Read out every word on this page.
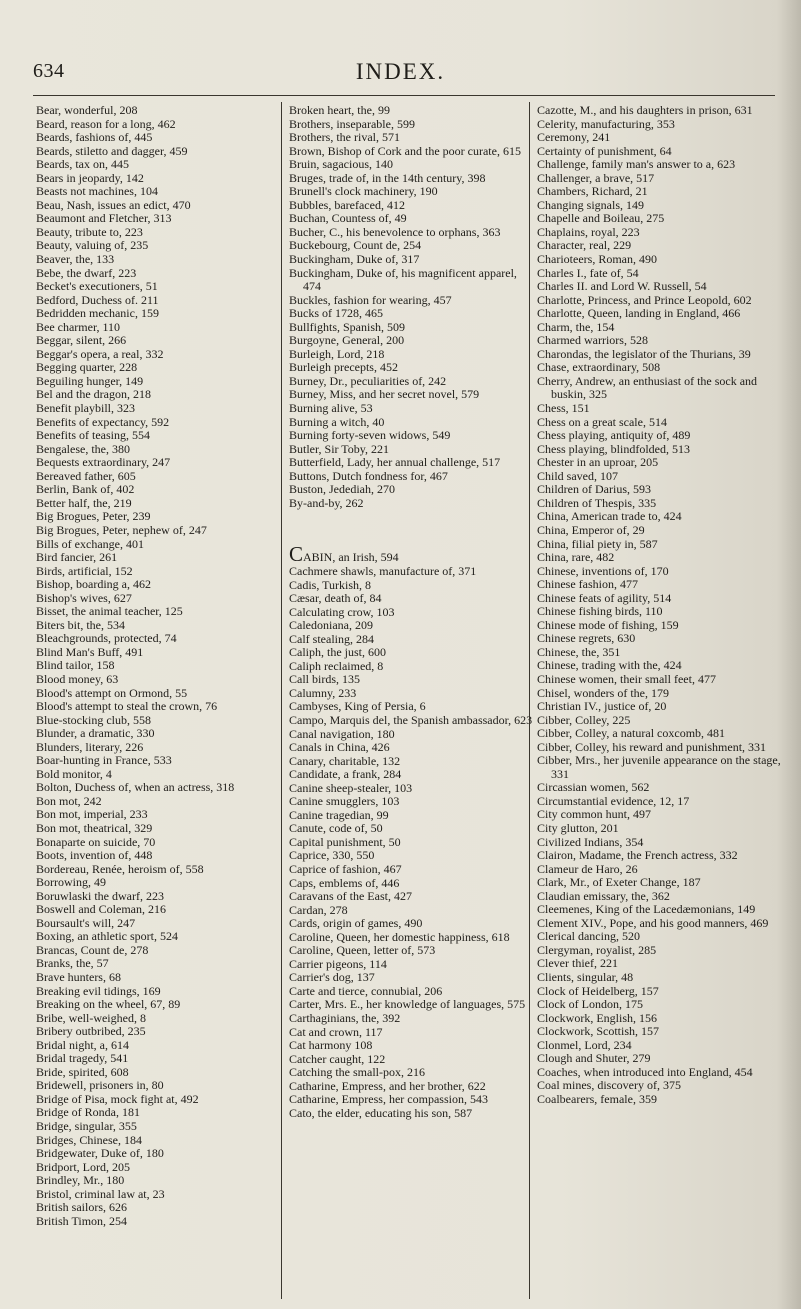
634	INDEX.

Bear, wonderful, 208

Beard, reason for a long, 462

Beards, fashions of, 445

Beards, stiletto and dagger, 459

Beards, tax on, 445

Bears in jeopardy, 142

Beasts not machines, 104

Beau, Nash, issues an edict, 470

Beaumont and Fletcher, 313

Beauty, tribute to, 223

Beauty, valuing of, 235

Beaver, the, 133

Bebe, the dwarf, 223

Becket's executioners, 51

Bedford, Duchess of. 211

Bedridden mechanic, 159

Bee charmer, 110

Beggar, silent, 266

Beggar's opera, a real, 332

Begging quarter, 228

Beguiling hunger, 149

Bel and the dragon, 218

Benefit playbill, 323

Benefits of expectancy, 592

Benefits of teasing, 554

Bengalese, the, 380

Bequests extraordinary, 247

Bereaved father, 605

Berlin, Bank of, 402

Better half, the, 219

Big Brogues, Peter, 239

Big Brogues, Peter, nephew of, 247

Bills of exchange, 401

Bird fancier, 261

Birds, artificial, 152

Bishop, boarding a, 462

Bishop's wives, 627

Bisset, the animal teacher, 125

Biters bit, the, 534

Bleachgrounds, protected, 74

Blind Man's Buff, 491

Blind tailor, 158

Blood money, 63

Blood's attempt on Ormond, 55

Blood's attempt to steal the crown, 76

Blue-stocking club, 558

Blunder, a dramatic, 330

Blunders, literary, 226

Boar-hunting in France, 533

Bold monitor, 4

Bolton, Duchess of, when an actress, 318

Bon mot, 242

Bon mot, imperial, 233

Bon mot, theatrical, 329

Bonaparte on suicide, 70

Boots, invention of, 448

Bordereau, Renée, heroism of, 558

Borrowing, 49

Boruwlaski the dwarf, 223

Boswell and Coleman, 216

Boursault's will, 247

Boxing, an athletic sport, 524

Brancas, Count de, 278

Branks, the, 57

Brave hunters, 68

Breaking evil tidings, 169

Breaking on the wheel, 67, 89

Bribe, well-weighed, 8

Bribery outbribed, 235

Bridal night, a, 614

Bridal tragedy, 541

Bride, spirited, 608

Bridewell, prisoners in, 80

Bridge of Pisa, mock fight at, 492

Bridge of Ronda, 181

Bridge, singular, 355

Bridges, Chinese, 184

Bridgewater, Duke of, 180

Bridport, Lord, 205

Brindley, Mr., 180

Bristol, criminal law at, 23

British sailors, 626

British Timon, 254

Broken heart, the, 99

Brothers, inseparable, 599

Brothers, the rival, 571

Brown, Bishop of Cork and the poor curate, 615

Bruin, sagacious, 140

Bruges, trade of, in the 14th century, 398

Brunell's clock machinery, 190

Bubbles, barefaced, 412

Buchan, Countess of, 49

Bucher, C., his benevolence to orphans, 363

Buckebourg, Count de, 254

Buckingham, Duke of, 317

Buckingham, Duke of, his magnificent apparel, 474

Buckles, fashion for wearing, 457

Bucks of 1728, 465

Bullfights, Spanish, 509

Burgoyne, General, 200

Burleigh, Lord, 218

Burleigh precepts, 452

Burney, Dr., peculiarities of, 242

Burney, Miss, and her secret novel, 579

Burning alive, 53

Burning a witch, 40

Burning forty-seven widows, 549

Butler, Sir Toby, 221

Butterfield, Lady, her annual challenge, 517

Buttons, Dutch fondness for, 467

Buston, Jedediah, 270

By-and-by, 262

CABIN, an Irish, 594

Cachmere shawls, manufacture of, 371

Cadis, Turkish, 8

Cæsar, death of, 84

Calculating crow, 103

Caledoniana, 209

Calf stealing, 284

Caliph, the just, 600

Caliph reclaimed, 8

Call birds, 135

Calumny, 233

Cambyses, King of Persia, 6

Campo, Marquis del, the Spanish ambassador, 623

Canal navigation, 180

Canals in China, 426

Canary, charitable, 132

Candidate, a frank, 284

Canine sheep-stealer, 103

Canine smugglers, 103

Canine tragedian, 99

Canute, code of, 50

Capital punishment, 50

Caprice, 330, 550

Caprice of fashion, 467

Caps, emblems of, 446

Caravans of the East, 427

Cardan, 278

Cards, origin of games, 490

Caroline, Queen, her domestic happiness, 618

Caroline, Queen, letter of, 573

Carrier pigeons, 114

Carrier's dog, 137

Carte and tierce, connubial, 206

Carter, Mrs. E., her knowledge of languages, 575

Carthaginians, the, 392

Cat and crown, 117

Cat harmony 108

Catcher caught, 122

Catching the small-pox, 216

Catharine, Empress, and her brother, 622

Catharine, Empress, her compassion, 543

Cato, the elder, educating his son, 587

Cazotte, M., and his daughters in prison, 631

Celerity, manufacturing, 353

Ceremony, 241

Certainty of punishment, 64

Challenge, family man's answer to a, 623

Challenger, a brave, 517

Chambers, Richard, 21

Changing signals, 149

Chapelle and Boileau, 275

Chaplains, royal, 223

Character, real, 229

Charioteers, Roman, 490

Charles I., fate of, 54

Charles II. and Lord W. Russell, 54

Charlotte, Princess, and Prince Leopold, 602

Charlotte, Queen, landing in England, 466

Charm, the, 154

Charmed warriors, 528

Charondas, the legislator of the Thurians, 39

Chase, extraordinary, 508

Cherry, Andrew, an enthusiast of the sock and buskin, 325

Chess, 151

Chess on a great scale, 514

Chess playing, antiquity of, 489

Chess playing, blindfolded, 513

Chester in an uproar, 205

Child saved, 107

Children of Darius, 593

Children of Thespis, 335

China, American trade to, 424

China, Emperor of, 29

China, filial piety in, 587

China, rare, 482

Chinese, inventions of, 170

Chinese fashion, 477

Chinese feats of agility, 514

Chinese fishing birds, 110

Chinese mode of fishing, 159

Chinese regrets, 630

Chinese, the, 351

Chinese, trading with the, 424

Chinese women, their small feet, 477

Chisel, wonders of the, 179

Christian IV., justice of, 20

Cibber, Colley, 225

Cibber, Colley, a natural coxcomb, 481

Cibber, Colley, his reward and punishment, 331

Cibber, Mrs., her juvenile appearance on the stage, 331

Circassian women, 562

Circumstantial evidence, 12, 17

City common hunt, 497

City glutton, 201

Civilized Indians, 354

Clairon, Madame, the French actress, 332

Clameur de Haro, 26

Clark, Mr., of Exeter Change, 187

Claudian emissary, the, 362

Cleemenes, King of the Lacedæmonians, 149

Clement XIV., Pope, and his good manners, 469

Clerical dancing, 520

Clergyman, royalist, 285

Clever thief, 221

Clients, singular, 48

Clock of Heidelberg, 157

Clock of London, 175

Clockwork, English, 156

Clockwork, Scottish, 157

Clonmel, Lord, 234

Clough and Shuter, 279

Coaches, when introduced into England, 454

Coal mines, discovery of, 375

Coalbearers, female, 359
